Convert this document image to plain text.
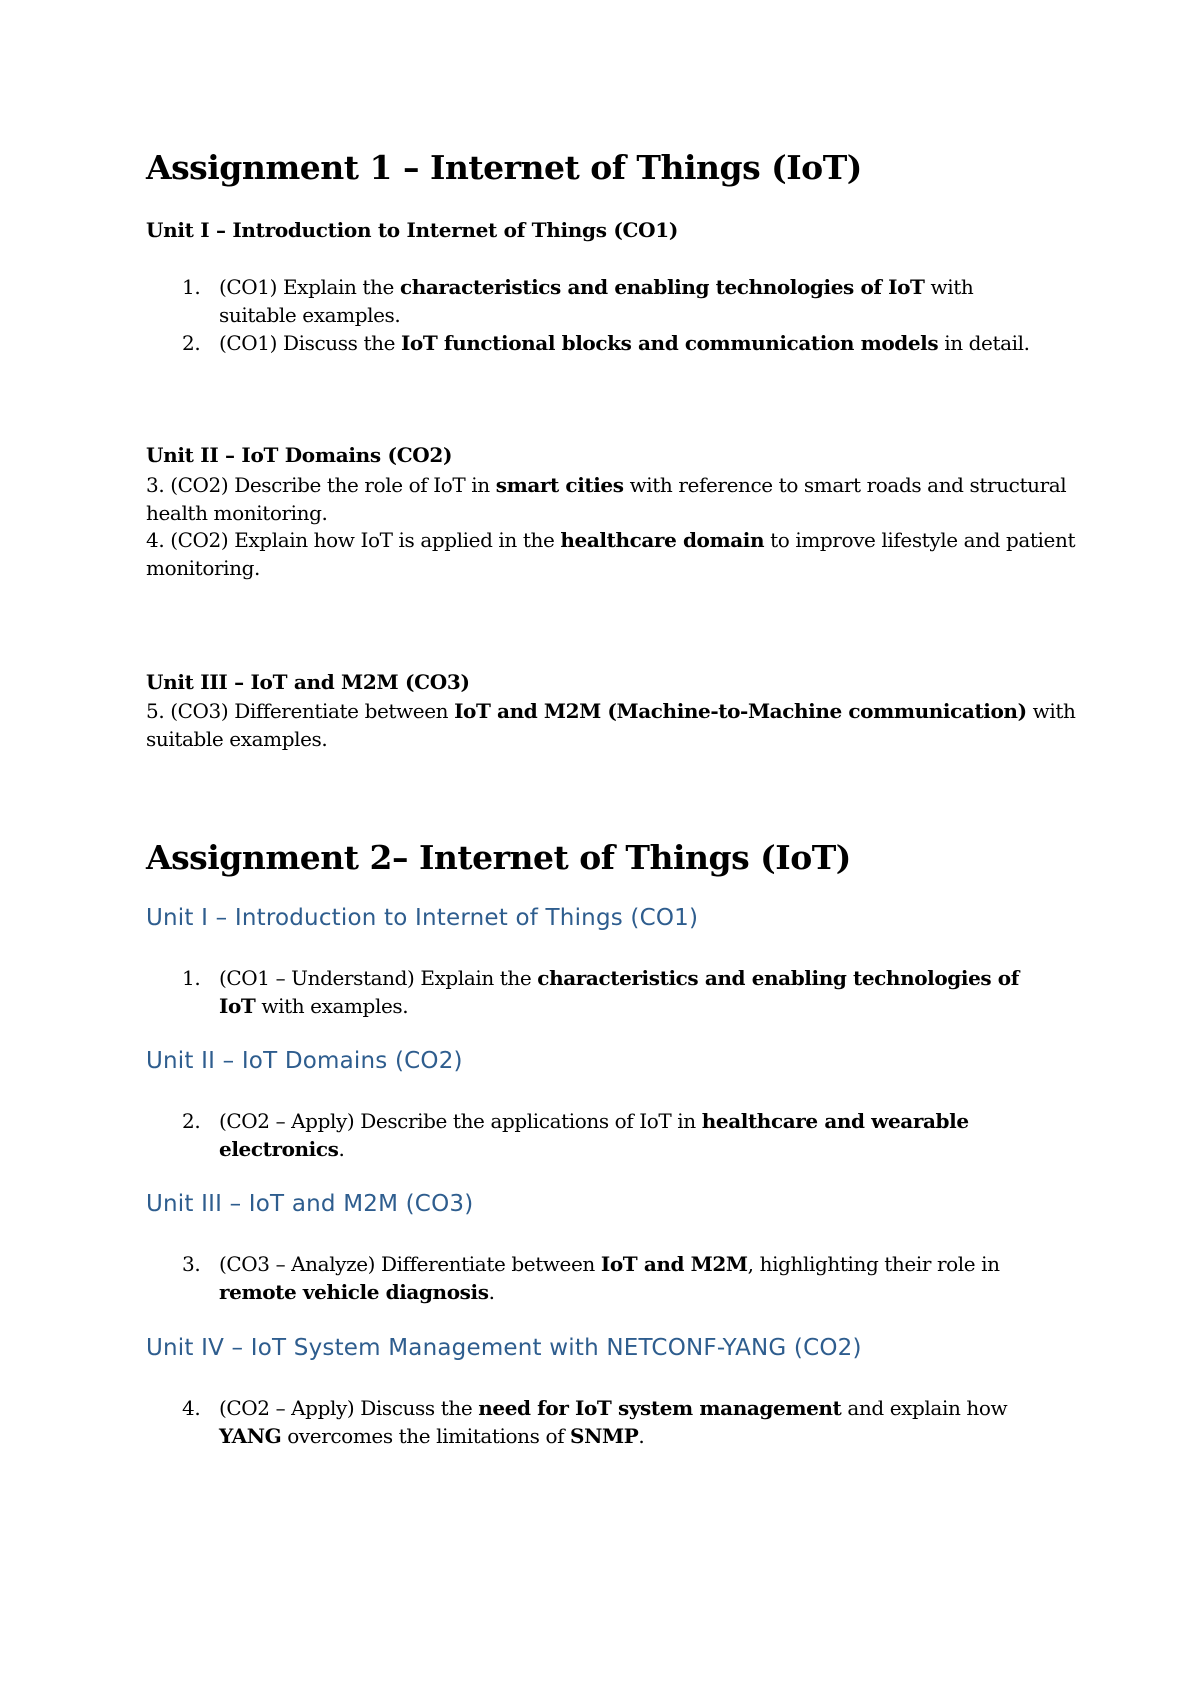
Assignment 1 – Internet of Things (IoT)
Unit I – Introduction to Internet of Things (CO1)
1. (CO1) Explain the characteristics and enabling technologies of IoT with suitable examples.
2. (CO1) Discuss the IoT functional blocks and communication models in detail.
Unit II – IoT Domains (CO2)
3. (CO2) Describe the role of IoT in smart cities with reference to smart roads and structural health monitoring.
4. (CO2) Explain how IoT is applied in the healthcare domain to improve lifestyle and patient monitoring.
Unit III – IoT and M2M (CO3)
5. (CO3) Differentiate between IoT and M2M (Machine-to-Machine communication) with suitable examples.
Assignment 2– Internet of Things (IoT)
Unit I – Introduction to Internet of Things (CO1)
1. (CO1 – Understand) Explain the characteristics and enabling technologies of IoT with examples.
Unit II – IoT Domains (CO2)
2. (CO2 – Apply) Describe the applications of IoT in healthcare and wearable electronics.
Unit III – IoT and M2M (CO3)
3. (CO3 – Analyze) Differentiate between IoT and M2M, highlighting their role in remote vehicle diagnosis.
Unit IV – IoT System Management with NETCONF-YANG (CO2)
4. (CO2 – Apply) Discuss the need for IoT system management and explain how YANG overcomes the limitations of SNMP.
